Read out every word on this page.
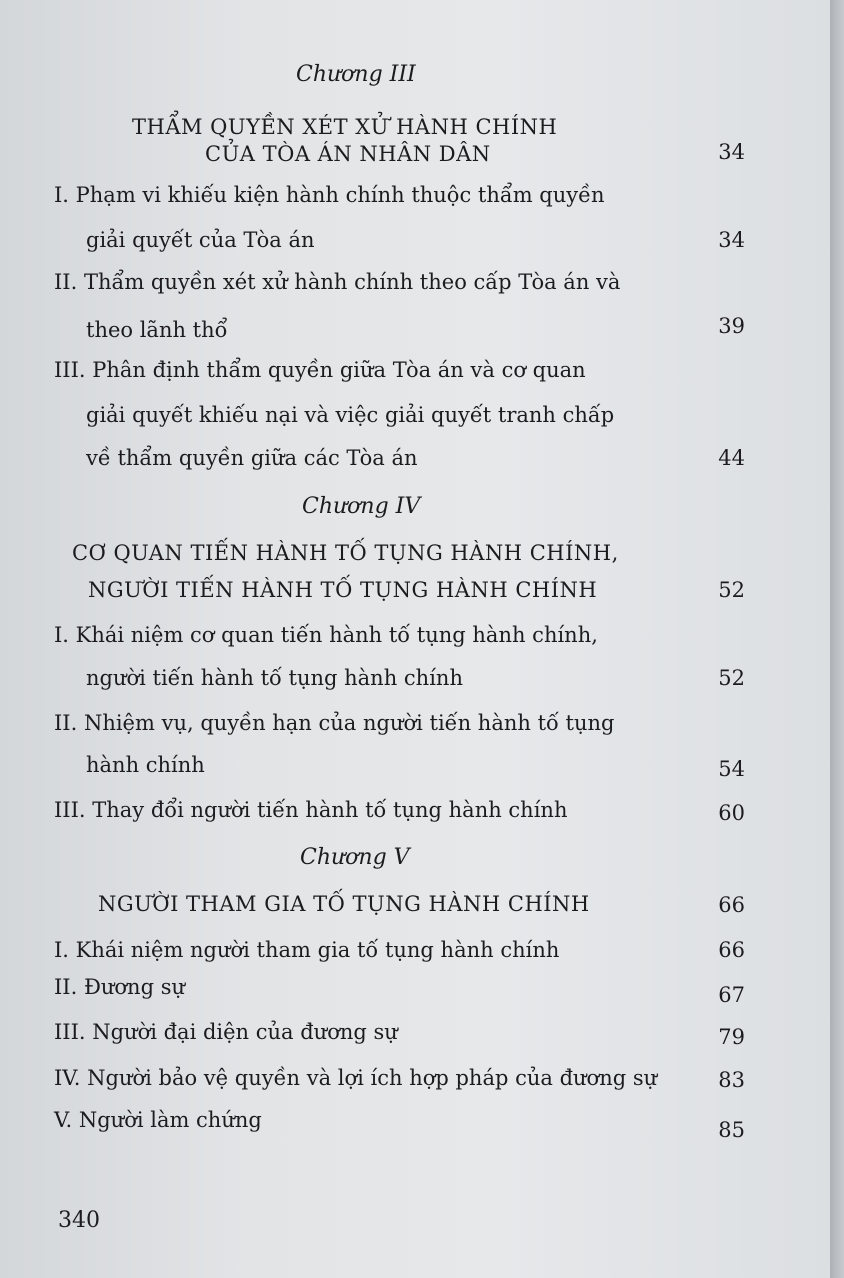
Chương III
THẨM QUYỀN XÉT XỬ HÀNH CHÍNH
CỦA TÒA ÁN NHÂN DÂN	34
I. Phạm vi khiếu kiện hành chính thuộc thẩm quyền
giải quyết của Tòa án	34
II. Thẩm quyền xét xử hành chính theo cấp Tòa án và
theo lãnh thổ	39
III. Phân định thẩm quyền giữa Tòa án và cơ quan
giải quyết khiếu nại và việc giải quyết tranh chấp
về thẩm quyền giữa các Tòa án	44
Chương IV
CƠ QUAN TIẾN HÀNH TỐ TỤNG HÀNH CHÍNH,
NGƯỜI TIẾN HÀNH TỐ TỤNG HÀNH CHÍNH	52
I. Khái niệm cơ quan tiến hành tố tụng hành chính,
người tiến hành tố tụng hành chính	52
II. Nhiệm vụ, quyền hạn của người tiến hành tố tụng
hành chính	54
III. Thay đổi người tiến hành tố tụng hành chính	60
Chương V
NGƯỜI THAM GIA TỐ TỤNG HÀNH CHÍNH	66
I. Khái niệm người tham gia tố tụng hành chính	66
II. Đương sự	67
III. Người đại diện của đương sự	79
IV. Người bảo vệ quyền và lợi ích hợp pháp của đương sự	83
V. Người làm chứng	85
340
